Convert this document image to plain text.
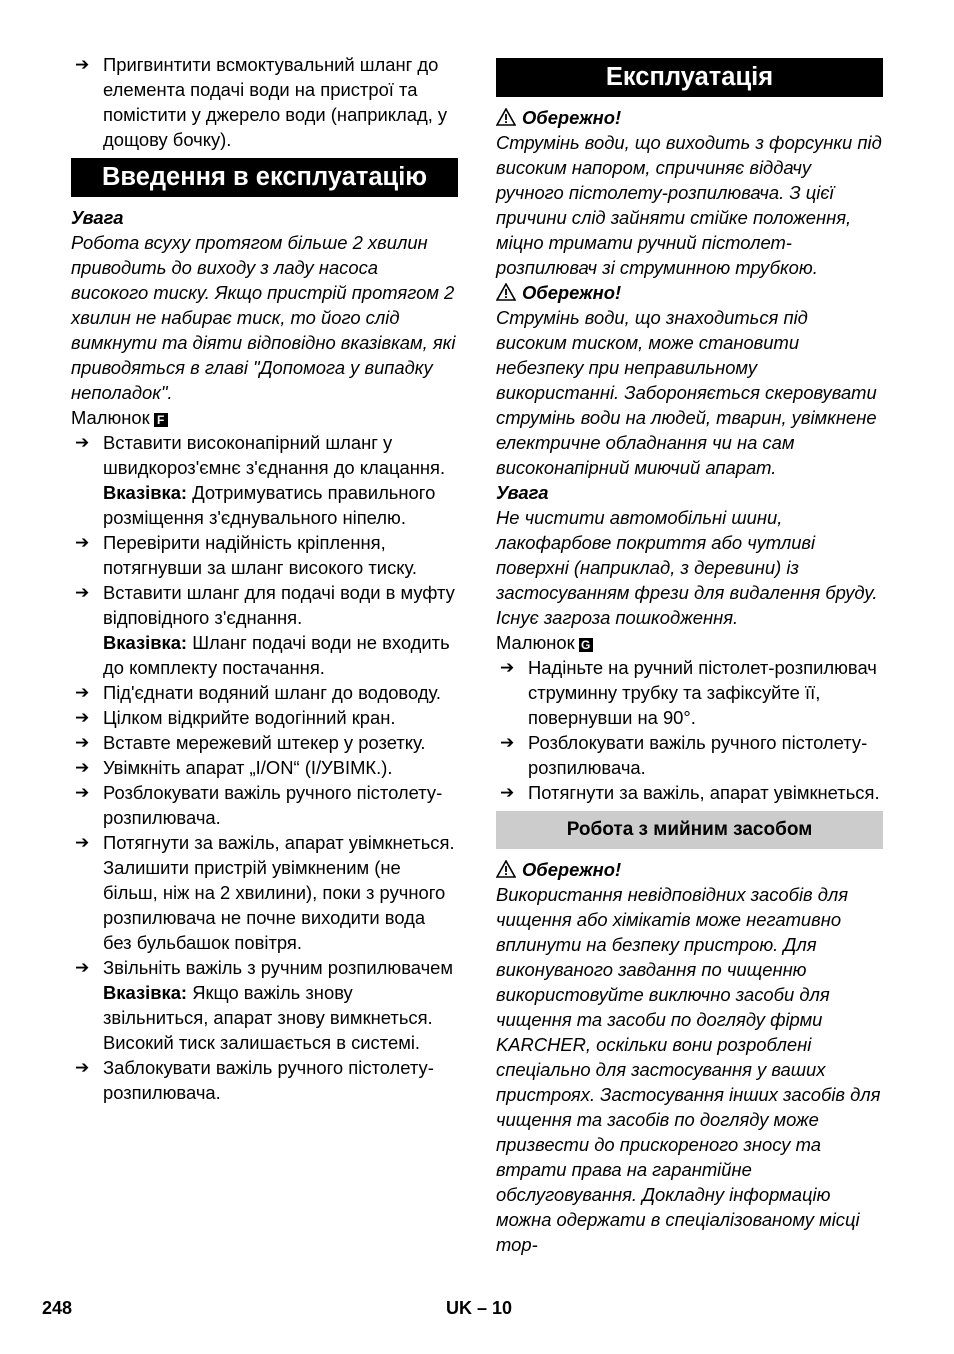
➔ Пригвинтити всмоктувальний шланг до елемента подачі води на пристрої та помістити у джерело води (наприклад, у дощову бочку).
Введення в експлуатацію
Увага
Робота всуху протягом більше 2 хвилин приводить до виходу з ладу насоса високого тиску. Якщо пристрій протягом 2 хвилин не набирає тиск, то його слід вимкнути та діяти відповідно вказівкам, які приводяться в главі "Допомога у випадку неполадок".
Малюнок F
➔ Вставити високонапірний шланг у швидкороз'ємнє з'єднання до клацання.
Вказівка: Дотримуватись правильного розміщення з'єднувального ніпелю.
➔ Перевірити надійність кріплення, потягнувши за шланг високого тиску.
➔ Вставити шланг для подачі води в муфту відповідного з'єднання.
Вказівка: Шланг подачі води не входить до комплекту постачання.
➔ Під'єднати водяний шланг до водоводу.
➔ Цілком відкрийте водогінний кран.
➔ Вставте мережевий штекер у розетку.
➔ Увімкніть апарат „I/ON“ (I/УВІМК.).
➔ Розблокувати важіль ручного пістолету-розпилювача.
➔ Потягнути за важіль, апарат увімкнеться.
Залишити пристрій увімкненим (не більш, ніж на 2 хвилини), поки з ручного розпилювача не почне виходити вода без бульбашок повітря.
➔ Звільніть важіль з ручним розпилювачем
Вказівка: Якщо важіль знову звільниться, апарат знову вимкнеться. Високий тиск залишається в системі.
➔ Заблокувати важіль ручного пістолету-розпилювача.
Експлуатація
Обережно!
Струмінь води, що виходить з форсунки під високим напором, спричиняє віддачу ручного пістолету-розпилювача. З цієї причини слід зайняти стійке положення, міцно тримати ручний пістолет-розпилювач зі струминною трубкою.
Обережно!
Струмінь води, що знаходиться під високим тиском, може становити небезпеку при неправильному використанні. Забороняється скеровувати струмінь води на людей, тварин, увімкнене електричне обладнання чи на сам високонапірний миючий апарат.
Увага
Не чистити автомобільні шини, лакофарбове покриття або чутливі поверхні (наприклад, з деревини) із застосуванням фрези для видалення бруду. Існує загроза пошкодження.
Малюнок G
➔ Надіньте на ручний пістолет-розпилювач струминну трубку та зафіксуйте її, повернувши на 90°.
➔ Розблокувати важіль ручного пістолету-розпилювача.
➔ Потягнути за важіль, апарат увімкнеться.
Робота з мийним засобом
Обережно!
Використання невідповідних засобів для чищення або хімікатів може негативно вплинути на безпеку пристрою. Для виконуваного завдання по чищенню використовуйте виключно засоби для чищення та засоби по догляду фірми KARCHER, оскільки вони розроблені спеціально для застосування у ваших пристроях. Застосування інших засобів для чищення та засобів по догляду може призвести до прискореного зносу та втрати права на гарантійне обслуговування. Докладну інформацію можна одержати в спеціалізованому місці тор-
248	UK – 10
